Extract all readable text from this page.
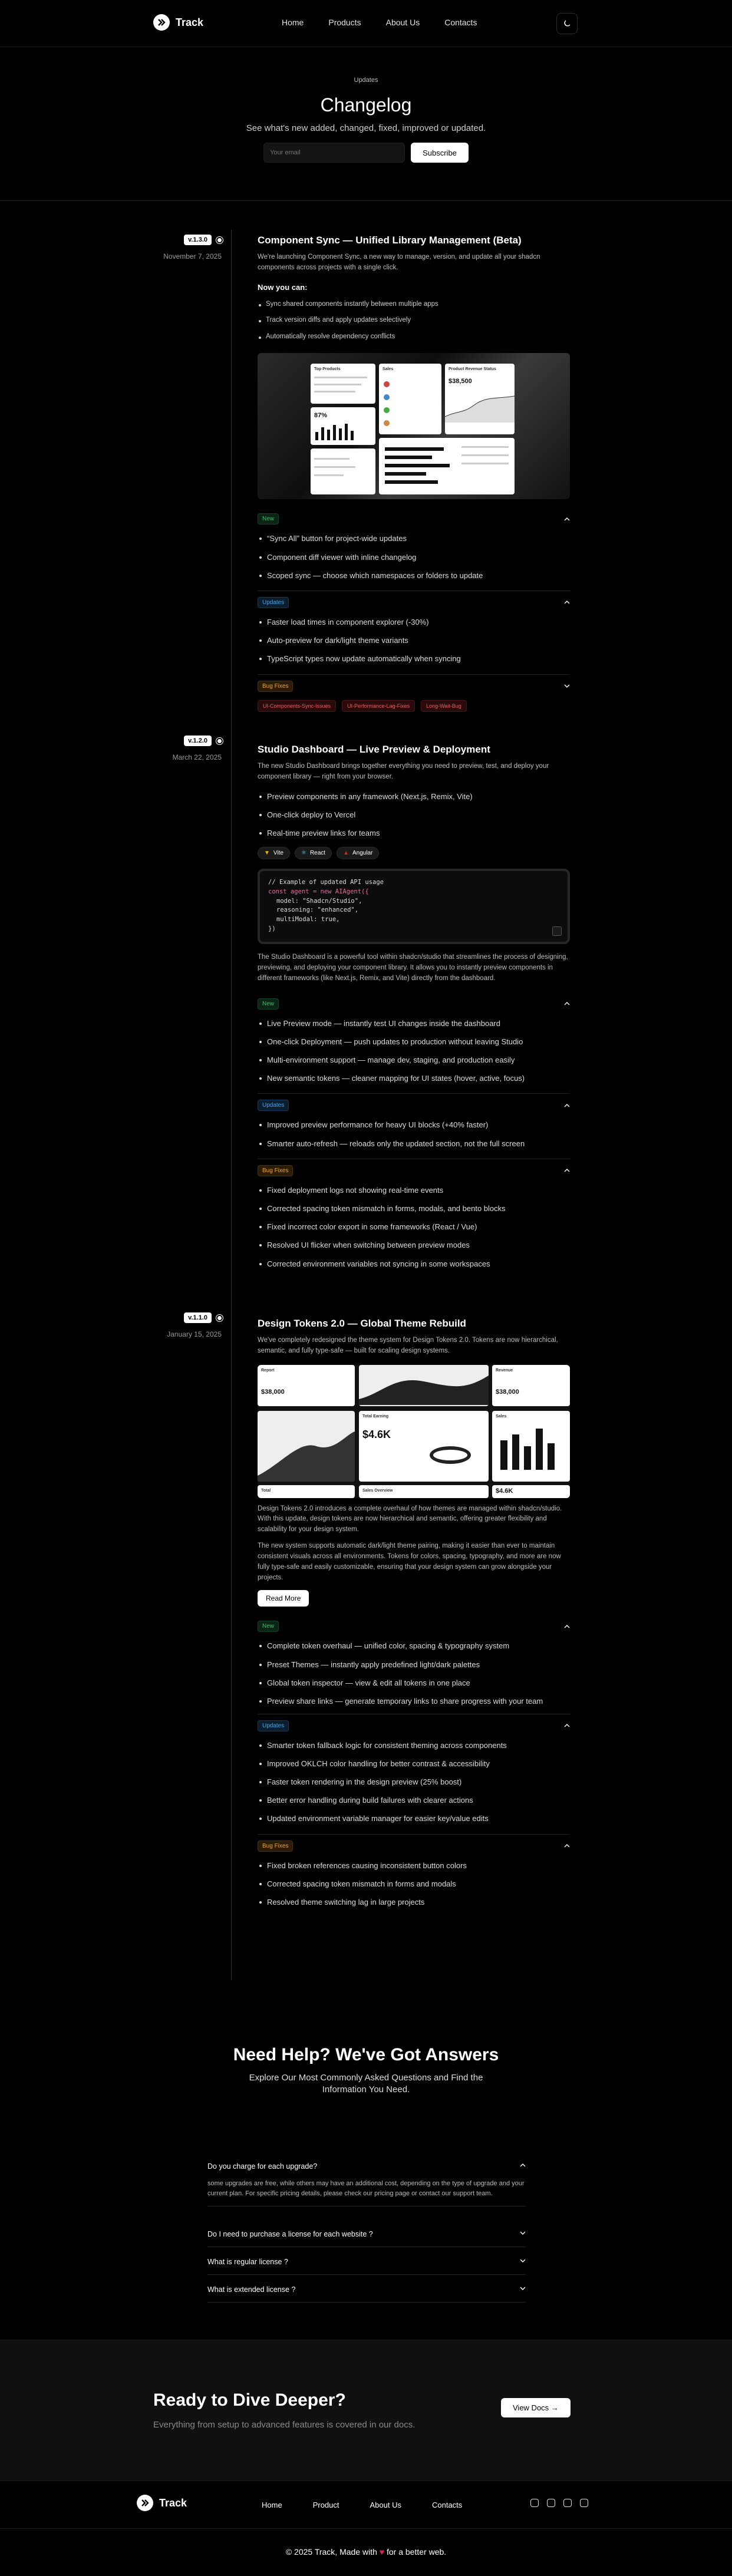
Track	Home	Products	About Us	Contacts
Updates
Changelog

See what's new added, changed, fixed, improved or updated.

Your email
Subscribe
v.1.3.0
November 7, 2025
Component Sync — Unified Library Management (Beta)

We're launching Component Sync, a new way to manage, version, and update all your shadcn components across projects with a single click.

Now you can:
Sync shared components instantly between multiple apps
Track version diffs and apply updates selectively
Automatically resolve dependency conflicts
Top Products
87%
Sales	Product Revenue Status
$38,500
New
“Sync All” button for project-wide updates
Component diff viewer with inline changelog
Scoped sync — choose which namespaces or folders to update
Updates
Faster load times in component explorer (-30%)
Auto-preview for dark/light theme variants
TypeScript types now update automatically when syncing
Bug Fixes
UI-Components-Sync-Issues	UI-Performance-Lag-Fixes	Long-Wait-Bug
v.1.2.0
March 22, 2025
Studio Dashboard — Live Preview & Deployment

The new Studio Dashboard brings together everything you need to preview, test, and deploy your component library — right from your browser.

Preview components in any framework (Next.js, Remix, Vite)
One-click deploy to Vercel
Real-time preview links for teams
▼ Vite	⚛ React	▲ Angular
// Example of updated API usage
const agent = new AIAgent({
model: "Shadcn/Studio",
reasoning: "enhanced",
multiModal: true,
})

The Studio Dashboard is a powerful tool within shadcn/studio that streamlines the process of designing, previewing, and deploying your component library. It allows you to instantly preview components in different frameworks (like Next.js, Remix, and Vite) directly from the dashboard.

New
Live Preview mode — instantly test UI changes inside the dashboard
One-click Deployment — push updates to production without leaving Studio
Multi-environment support — manage dev, staging, and production easily
New semantic tokens — cleaner mapping for UI states (hover, active, focus)
Updates
Improved preview performance for heavy UI blocks (+40% faster)
Smarter auto-refresh — reloads only the updated section, not the full screen
Bug Fixes
Fixed deployment logs not showing real-time events
Corrected spacing token mismatch in forms, modals, and bento blocks
Fixed incorrect color export in some frameworks (React / Vue)
Resolved UI flicker when switching between preview modes
Corrected environment variables not syncing in some workspaces
v.1.1.0
January 15, 2025
Design Tokens 2.0 — Global Theme Rebuild

We've completely redesigned the theme system for Design Tokens 2.0. Tokens are now hierarchical, semantic, and fully type-safe — built for scaling design systems.

Report
$38,000
Revenue
$38,000
Total Earning
$4.6K
Sales
Total	Sales Overview	$4.6K

Design Tokens 2.0 introduces a complete overhaul of how themes are managed within shadcn/studio. With this update, design tokens are now hierarchical and semantic, offering greater flexibility and scalability for your design system.

The new system supports automatic dark/light theme pairing, making it easier than ever to maintain consistent visuals across all environments. Tokens for colors, spacing, typography, and more are now fully type-safe and easily customizable, ensuring that your design system can grow alongside your projects.

Read More
New
Complete token overhaul — unified color, spacing & typography system
Preset Themes — instantly apply predefined light/dark palettes
Global token inspector — view & edit all tokens in one place
Preview share links — generate temporary links to share progress with your team
Updates
Smarter token fallback logic for consistent theming across components
Improved OKLCH color handling for better contrast & accessibility
Faster token rendering in the design preview (25% boost)
Better error handling during build failures with clearer actions
Updated environment variable manager for easier key/value edits
Bug Fixes
Fixed broken references causing inconsistent button colors
Corrected spacing token mismatch in forms and modals
Resolved theme switching lag in large projects
Need Help? We've Got Answers

Explore Our Most Commonly Asked Questions and Find the
Information You Need.

Do you charge for each upgrade?
some upgrades are free, while others may have an additional cost, depending on the type of upgrade and your current plan. For specific pricing details, please check our pricing page or contact our support team.
Do I need to purchase a license for each website ?
What is regular license ?
What is extended license ?
Ready to Dive Deeper?

Everything from setup to advanced features is covered in our docs.

View Docs →
Track	Home	Product	About Us	Contacts
© 2025 Track, Made with ♥ for a better web.
